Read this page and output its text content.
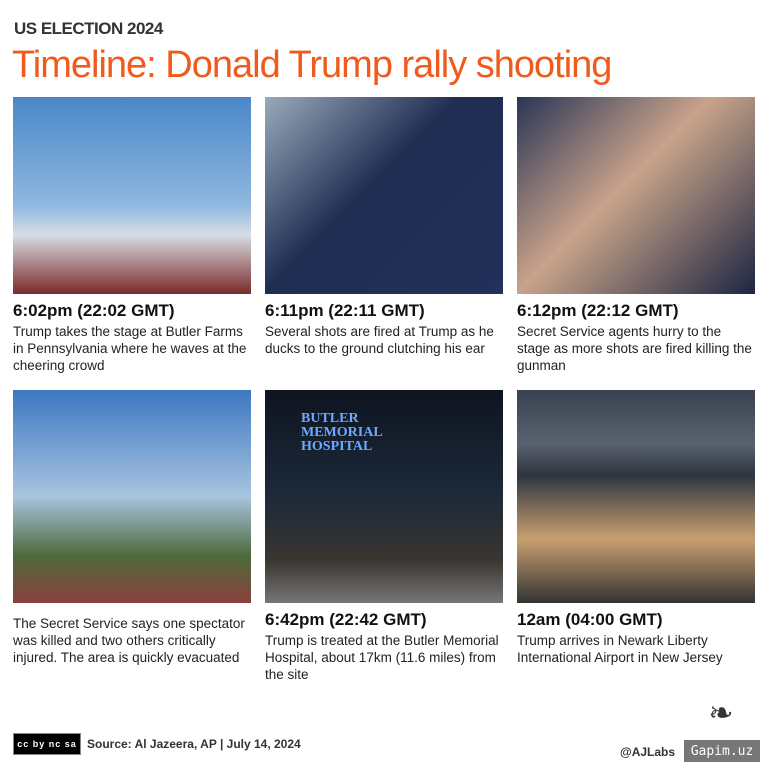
US ELECTION 2024
Timeline: Donald Trump rally shooting
6:02pm (22:02 GMT)
Trump takes the stage at Butler Farms in Pennsylvania where he waves at the cheering crowd
6:11pm (22:11 GMT)
Several shots are fired at Trump as he ducks to the ground clutching his ear
6:12pm (22:12 GMT)
Secret Service agents hurry to the stage as more shots are fired killing the gunman
The Secret Service says one spectator was killed and two others critically injured. The area is quickly evacuated
BUTLER MEMORIAL HOSPITAL
6:42pm (22:42 GMT)
Trump is treated at the Butler Memorial Hospital, about 17km (11.6 miles) from the site
12am (04:00 GMT)
Trump arrives in Newark Liberty International Airport in New Jersey
cc by nc sa Source: Al Jazeera, AP | July 14, 2024
@AJLabs
❧
Gapim.uz
